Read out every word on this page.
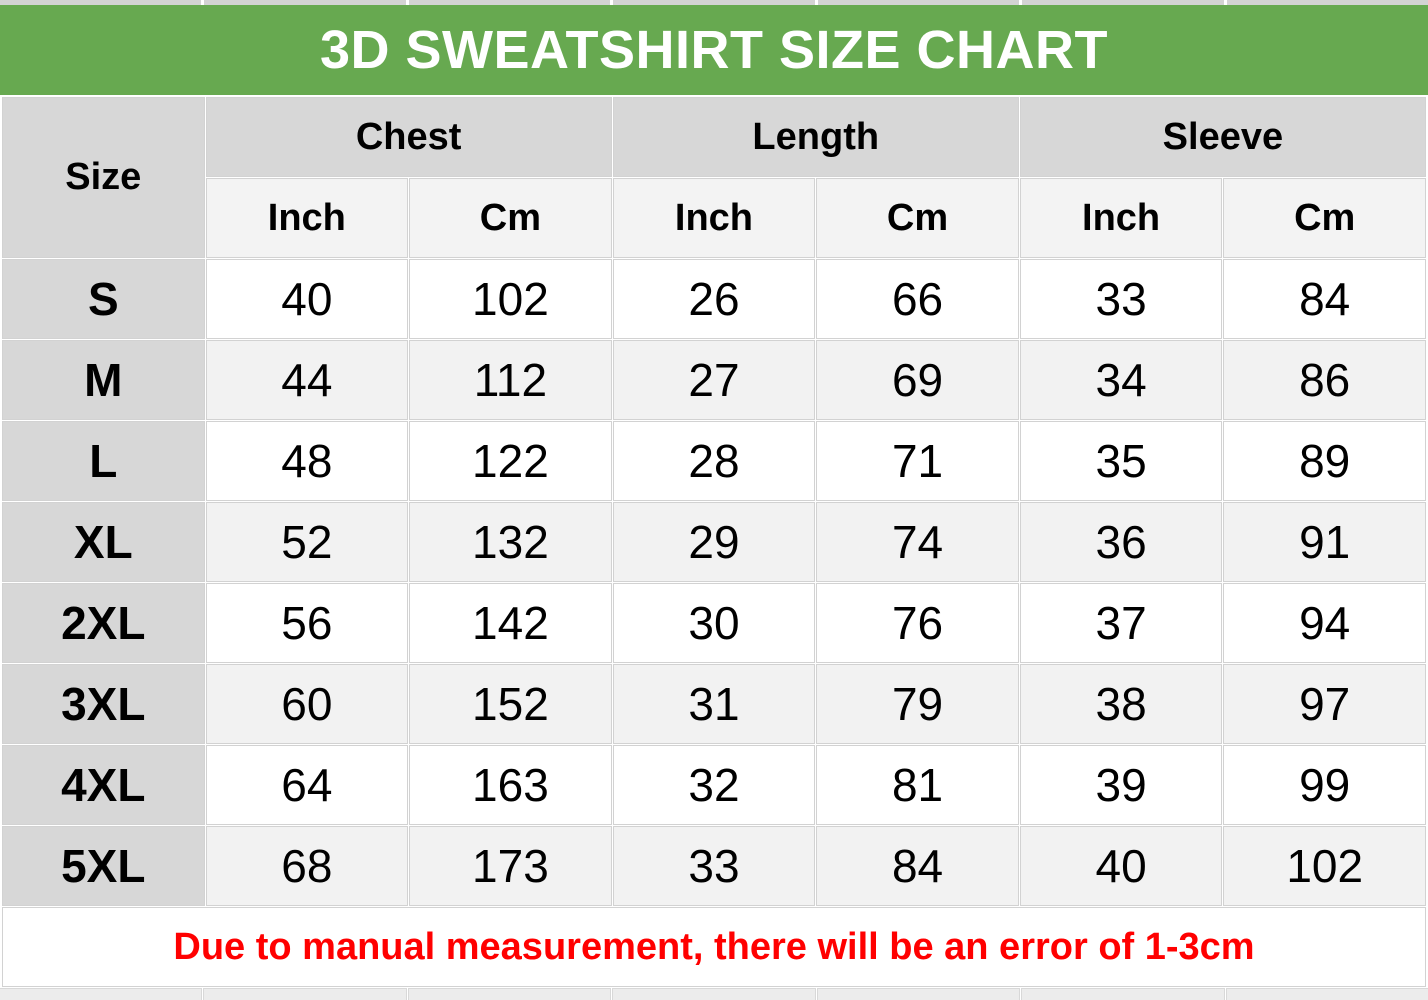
3D SWEATSHIRT SIZE CHART
Size	Chest		Length		Sleeve	
	Inch	Cm	Inch	Cm	Inch	Cm
S	40	102	26	66	33	84
M	44	112	27	69	34	86
L	48	122	28	71	35	89
XL	52	132	29	74	36	91
2XL	56	142	30	76	37	94
3XL	60	152	31	79	38	97
4XL	64	163	32	81	39	99
5XL	68	173	33	84	40	102
Due to manual measurement, there will be an error of 1-3cm						
